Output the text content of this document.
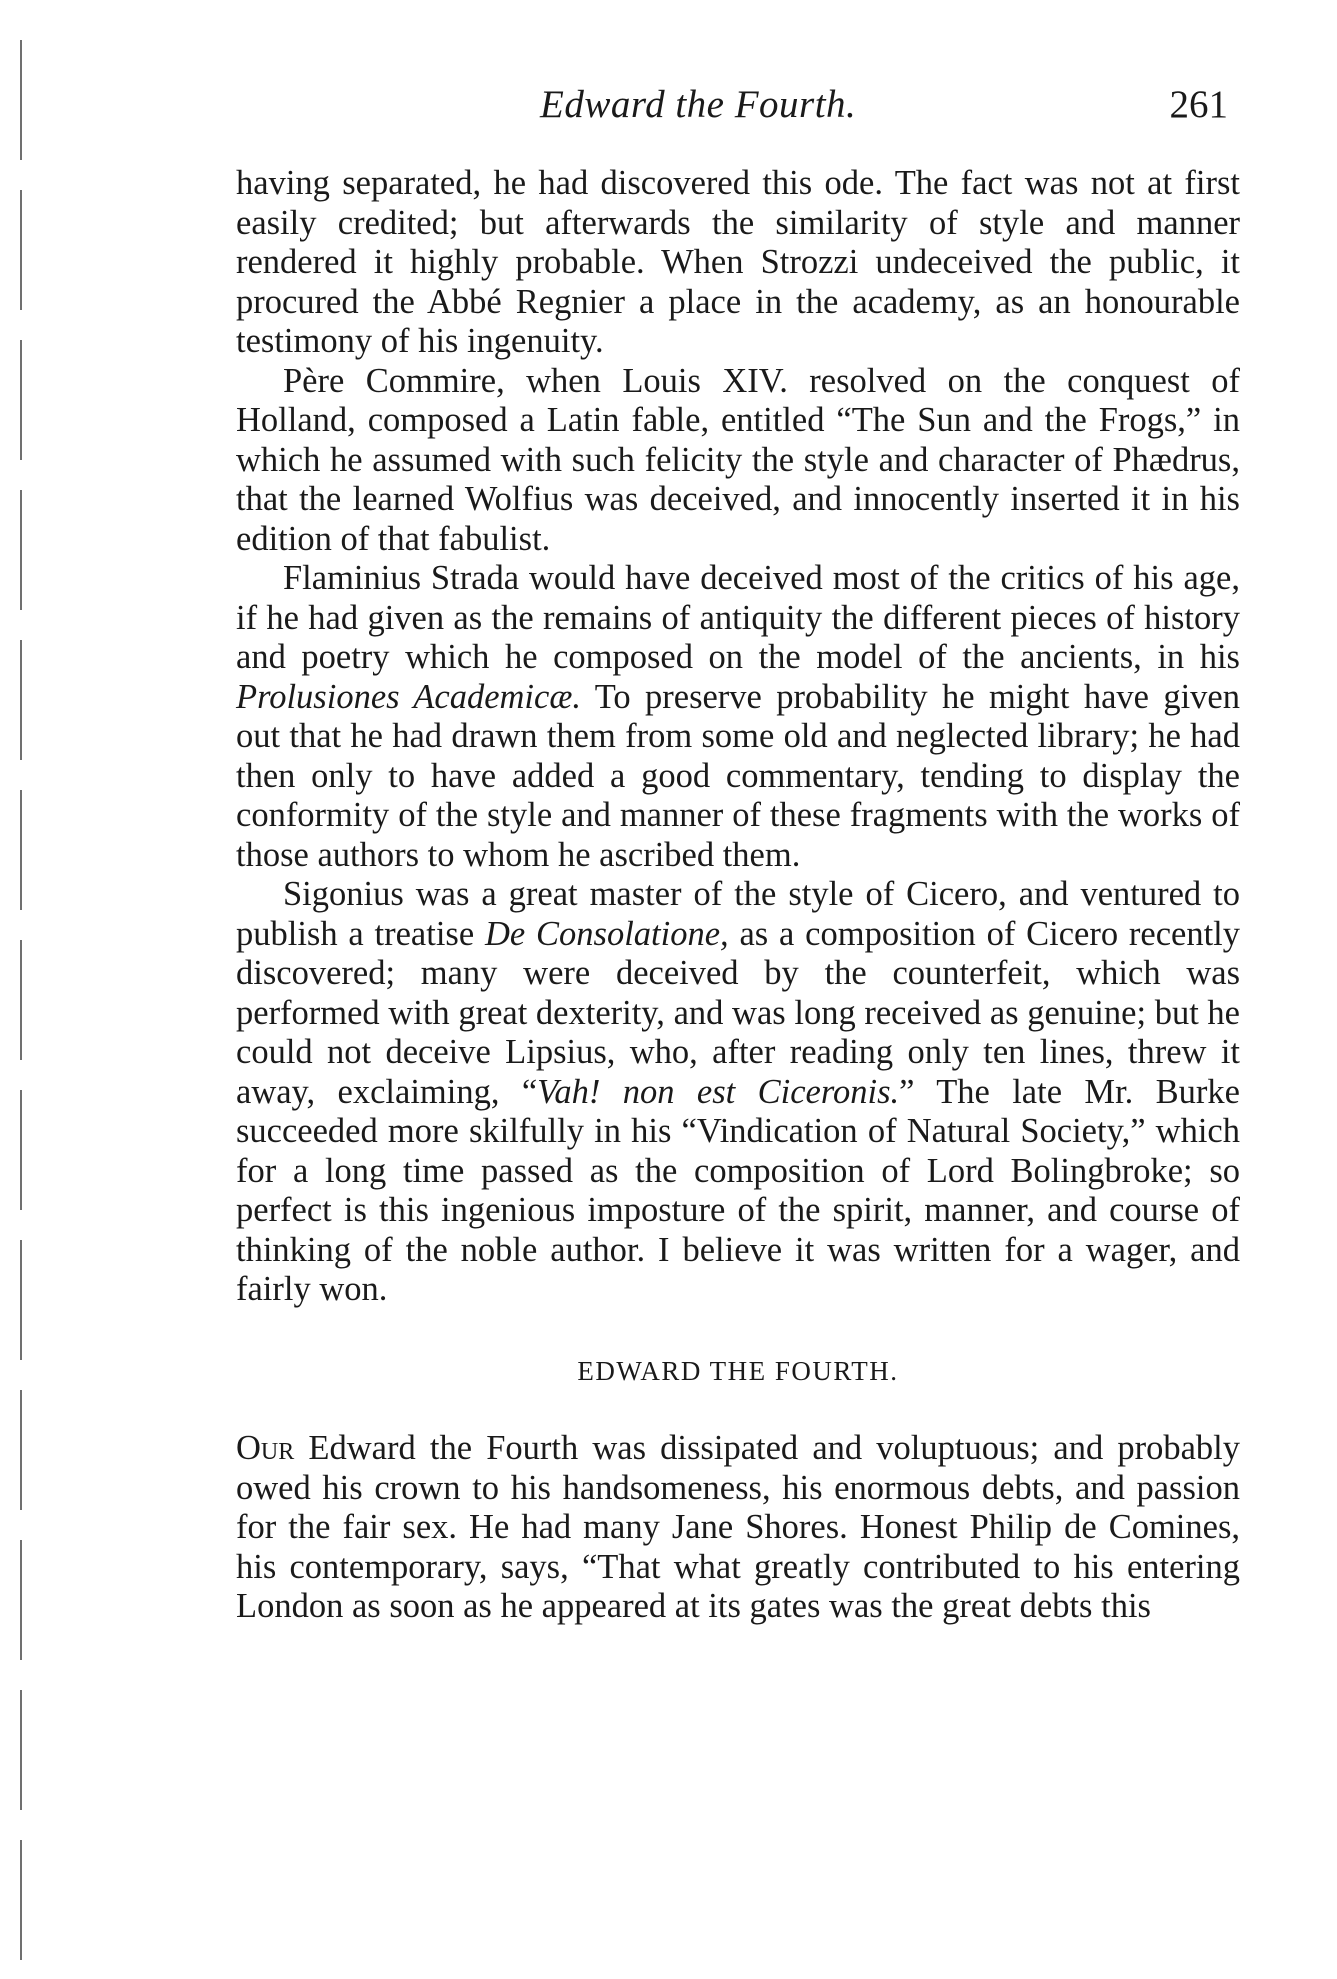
Edward the Fourth.	261

having separated, he had discovered this ode. The fact was not at first easily credited; but afterwards the similarity of style and manner rendered it highly probable. When Strozzi undeceived the public, it procured the Abbé Regnier a place in the academy, as an honourable testimony of his ingenuity.

Père Commire, when Louis XIV. resolved on the conquest of Holland, composed a Latin fable, entitled “The Sun and the Frogs,” in which he assumed with such felicity the style and character of Phædrus, that the learned Wolfius was deceived, and innocently inserted it in his edition of that fabulist.

Flaminius Strada would have deceived most of the critics of his age, if he had given as the remains of antiquity the different pieces of history and poetry which he composed on the model of the ancients, in his Prolusiones Academicæ. To preserve probability he might have given out that he had drawn them from some old and neglected library; he had then only to have added a good commentary, tending to display the conformity of the style and manner of these fragments with the works of those authors to whom he ascribed them.

Sigonius was a great master of the style of Cicero, and ventured to publish a treatise De Consolatione, as a composition of Cicero recently discovered; many were deceived by the counterfeit, which was performed with great dexterity, and was long received as genuine; but he could not deceive Lipsius, who, after reading only ten lines, threw it away, exclaiming, “Vah! non est Ciceronis.” The late Mr. Burke succeeded more skilfully in his “Vindication of Natural Society,” which for a long time passed as the composition of Lord Bolingbroke; so perfect is this ingenious imposture of the spirit, manner, and course of thinking of the noble author. I believe it was written for a wager, and fairly won.

EDWARD THE FOURTH.

Our Edward the Fourth was dissipated and voluptuous; and probably owed his crown to his handsomeness, his enormous debts, and passion for the fair sex. He had many Jane Shores. Honest Philip de Comines, his contemporary, says, “That what greatly contributed to his entering London as soon as he appeared at its gates was the great debts this
